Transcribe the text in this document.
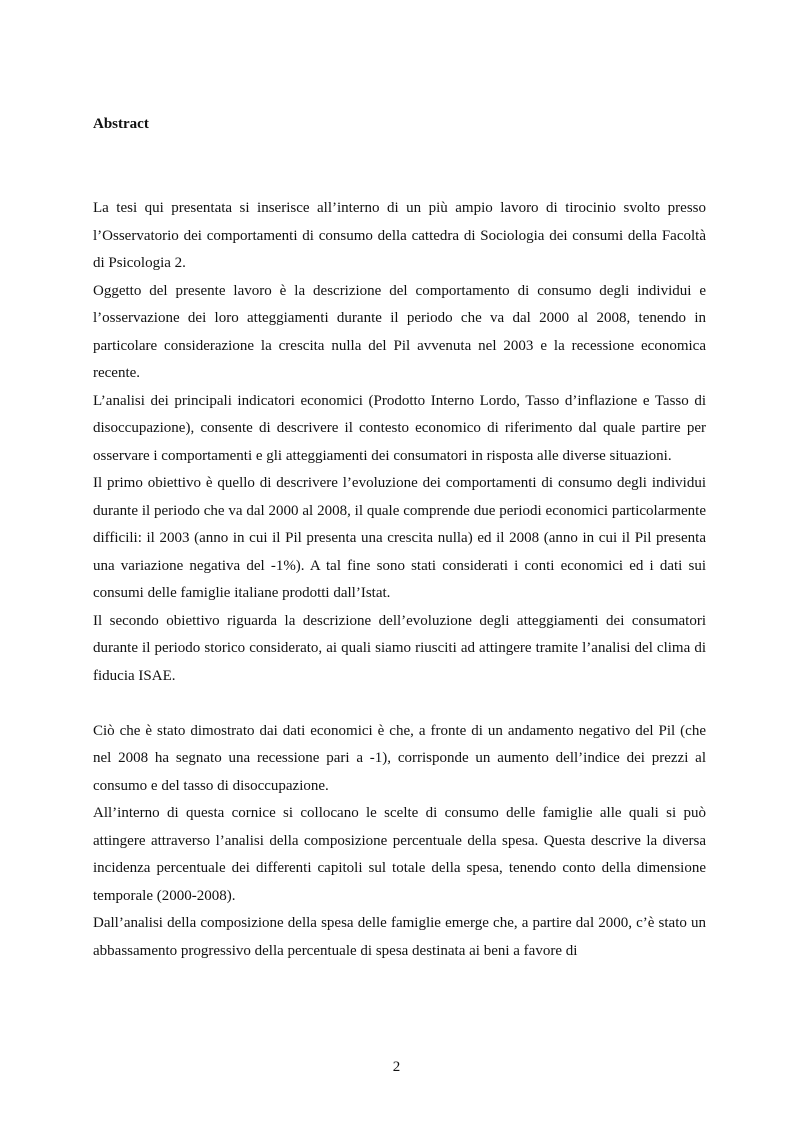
Abstract

La tesi qui presentata si inserisce all’interno di un più ampio lavoro di tirocinio svolto presso l’Osservatorio dei comportamenti di consumo della cattedra di Sociologia dei consumi della Facoltà di Psicologia 2.

Oggetto del presente lavoro è la descrizione del comportamento di consumo degli individui e l’osservazione dei loro atteggiamenti durante il periodo che va dal 2000 al 2008, tenendo in particolare considerazione la crescita nulla del Pil avvenuta nel 2003 e la recessione economica recente.

L’analisi dei principali indicatori economici (Prodotto Interno Lordo, Tasso d’inflazione e Tasso di disoccupazione), consente di descrivere il contesto economico di riferimento dal quale partire per osservare i comportamenti e gli atteggiamenti dei consumatori in risposta alle diverse situazioni.

Il primo obiettivo è quello di descrivere l’evoluzione dei comportamenti di consumo degli individui durante il periodo che va dal 2000 al 2008, il quale comprende due periodi economici particolarmente difficili: il 2003 (anno in cui il Pil presenta una crescita nulla) ed il 2008 (anno in cui il Pil presenta una variazione negativa del -1%). A tal fine sono stati considerati i conti economici ed i dati sui consumi delle famiglie italiane prodotti dall’Istat.

Il secondo obiettivo riguarda la descrizione dell’evoluzione degli atteggiamenti dei consumatori durante il periodo storico considerato, ai quali siamo riusciti ad attingere tramite l’analisi del clima di fiducia ISAE.

Ciò che è stato dimostrato dai dati economici è che, a fronte di un andamento negativo del Pil (che nel 2008 ha segnato una recessione pari a -1), corrisponde un aumento dell’indice dei prezzi al consumo e del tasso di disoccupazione.

All’interno di questa cornice si collocano le scelte di consumo delle famiglie alle quali si può attingere attraverso l’analisi della composizione percentuale della spesa. Questa descrive la diversa incidenza percentuale dei differenti capitoli sul totale della spesa, tenendo conto della dimensione temporale (2000-2008).

Dall’analisi della composizione della spesa delle famiglie emerge che, a partire dal 2000, c’è stato un abbassamento progressivo della percentuale di spesa destinata ai beni a favore di

2
